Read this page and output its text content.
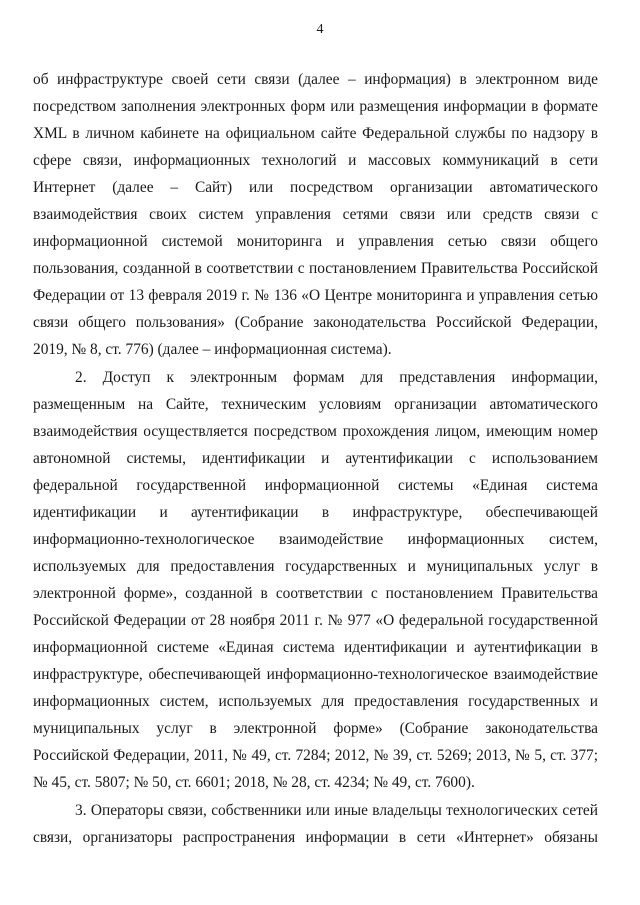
4
об инфраструктуре своей сети связи (далее – информация) в электронном виде
посредством заполнения электронных форм или размещения информации в формате
XML в личном кабинете на официальном сайте Федеральной службы по надзору в
сфере связи, информационных технологий и массовых коммуникаций в сети
Интернет (далее – Сайт) или посредством организации автоматического
взаимодействия своих систем управления сетями связи или средств связи с
информационной системой мониторинга и управления сетью связи общего
пользования, созданной в соответствии с постановлением Правительства Российской
Федерации от 13 февраля 2019 г. № 136 «О Центре мониторинга и управления сетью
связи общего пользования» (Собрание законодательства Российской Федерации,
2019, № 8, ст. 776) (далее – информационная система).
2. Доступ к электронным формам для представления информации,
размещенным на Сайте, техническим условиям организации автоматического
взаимодействия осуществляется посредством прохождения лицом, имеющим номер
автономной системы, идентификации и аутентификации с использованием
федеральной государственной информационной системы «Единая система
идентификации и аутентификации в инфраструктуре, обеспечивающей
информационно-технологическое взаимодействие информационных систем,
используемых для предоставления государственных и муниципальных услуг в
электронной форме», созданной в соответствии с постановлением Правительства
Российской Федерации от 28 ноября 2011 г. № 977 «О федеральной государственной
информационной системе «Единая система идентификации и аутентификации в
инфраструктуре, обеспечивающей информационно-технологическое взаимодействие
информационных систем, используемых для предоставления государственных и
муниципальных услуг в электронной форме» (Собрание законодательства
Российской Федерации, 2011, № 49, ст. 7284; 2012, № 39, ст. 5269; 2013, № 5, ст. 377;
№ 45, ст. 5807; № 50, ст. 6601; 2018, № 28, ст. 4234; № 49, ст. 7600).
3. Операторы связи, собственники или иные владельцы технологических сетей
связи, организаторы распространения информации в сети «Интернет» обязаны
